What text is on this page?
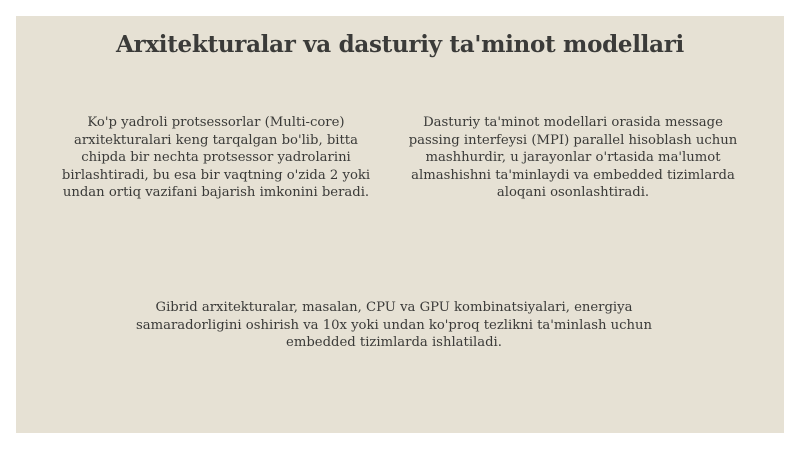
Arxitekturalar va dasturiy ta'minot modellari

Ko'p yadroli protsessorlar (Multi-core) arxitekturalari keng tarqalgan bo'lib, bitta chipda bir nechta protsessor yadrolarini birlashtiradi, bu esa bir vaqtning o'zida 2 yoki undan ortiq vazifani bajarish imkonini beradi.

Dasturiy ta'minot modellari orasida message passing interfeysi (MPI) parallel hisoblash uchun mashhurdir, u jarayonlar o'rtasida ma'lumot almashishni ta'minlaydi va embedded tizimlarda aloqani osonlashtiradi.

Gibrid arxitekturalar, masalan, CPU va GPU kombinatsiyalari, energiya samaradorligini oshirish va 10x yoki undan ko'proq tezlikni ta'minlash uchun embedded tizimlarda ishlatiladi.
